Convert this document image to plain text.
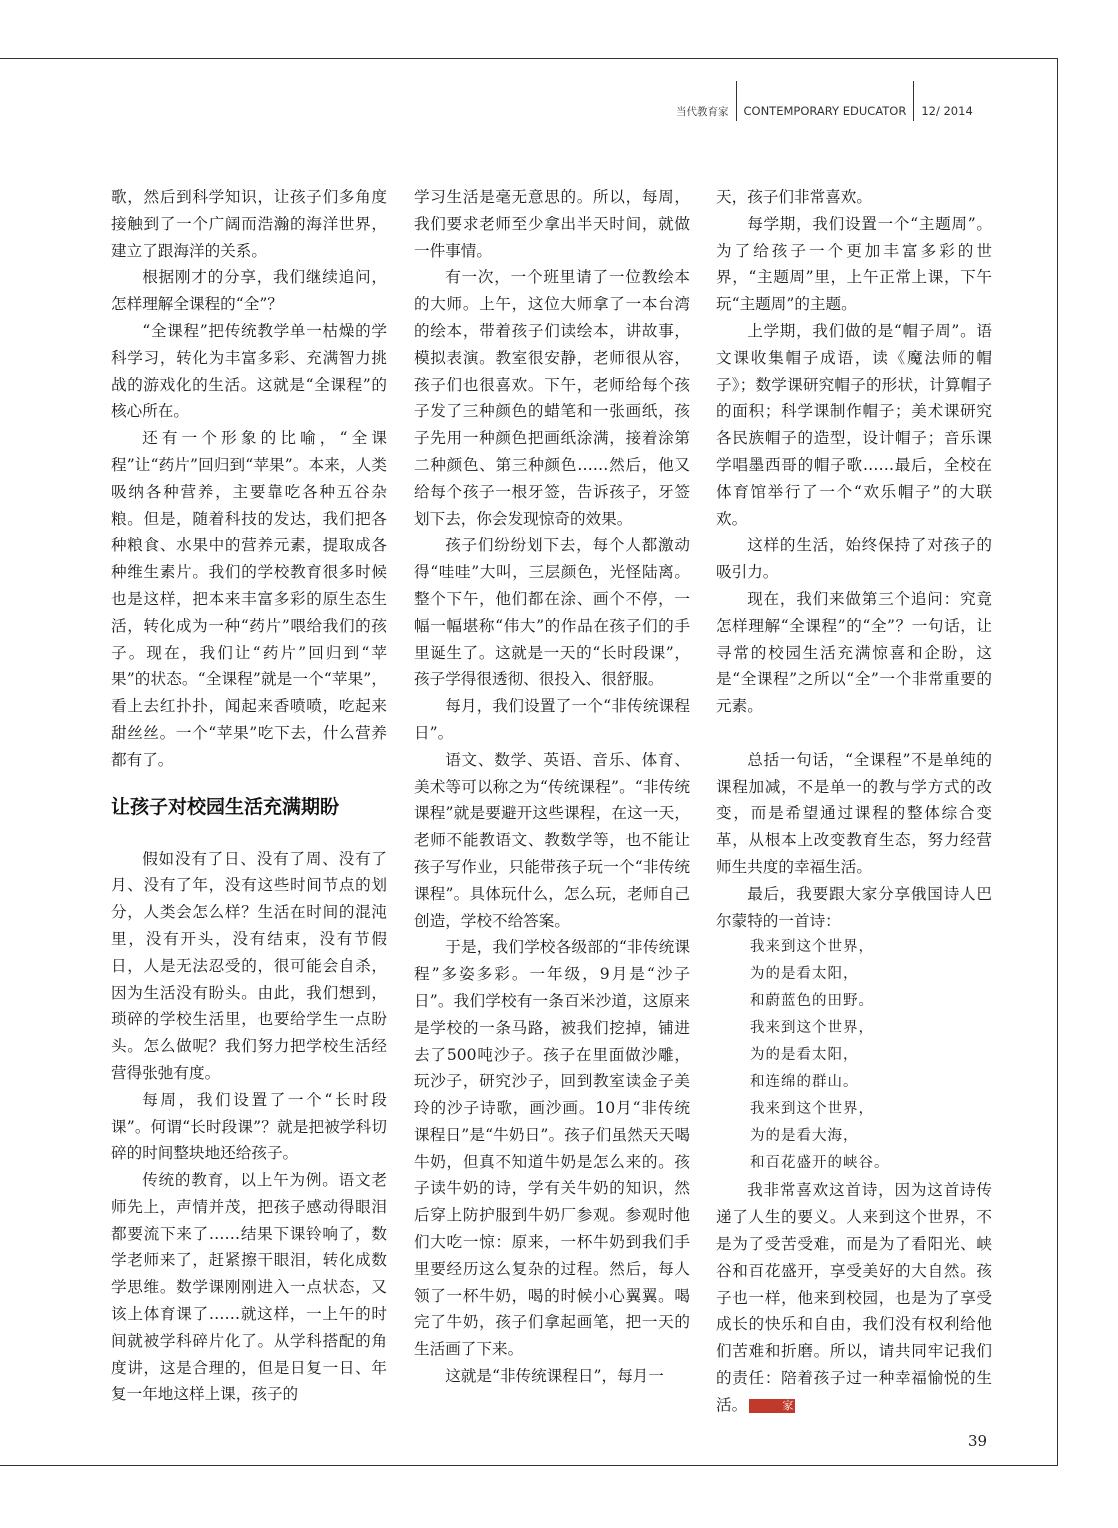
当代教育家 CONTEMPORARY EDUCATOR 12/ 2014

歌，然后到科学知识，让孩子们多角度接触到了一个广阔而浩瀚的海洋世界，建立了跟海洋的关系。

根据刚才的分享，我们继续追问，怎样理解全课程的“全”？

“全课程”把传统教学单一枯燥的学科学习，转化为丰富多彩、充满智力挑战的游戏化的生活。这就是“全课程”的核心所在。

还有一个形象的比喻，“全课程”让“药片”回归到“苹果”。本来，人类吸纳各种营养，主要靠吃各种五谷杂粮。但是，随着科技的发达，我们把各种粮食、水果中的营养元素，提取成各种维生素片。我们的学校教育很多时候也是这样，把本来丰富多彩的原生态生活，转化成为一种“药片”喂给我们的孩子。现在，我们让“药片”回归到“苹果”的状态。“全课程”就是一个“苹果”，看上去红扑扑，闻起来香喷喷，吃起来甜丝丝。一个“苹果”吃下去，什么营养都有了。

让孩子对校园生活充满期盼

假如没有了日、没有了周、没有了月、没有了年，没有这些时间节点的划分，人类会怎么样？生活在时间的混沌里，没有开头，没有结束，没有节假日，人是无法忍受的，很可能会自杀，因为生活没有盼头。由此，我们想到，琐碎的学校生活里，也要给学生一点盼头。怎么做呢？我们努力把学校生活经营得张弛有度。

每周，我们设置了一个“长时段课”。何谓“长时段课”？就是把被学科切碎的时间整块地还给孩子。

传统的教育，以上午为例。语文老师先上，声情并茂，把孩子感动得眼泪都要流下来了……结果下课铃响了，数学老师来了，赶紧擦干眼泪，转化成数学思维。数学课刚刚进入一点状态，又该上体育课了……就这样，一上午的时间就被学科碎片化了。从学科搭配的角度讲，这是合理的，但是日复一日、年复一年地这样上课，孩子的

学习生活是毫无意思的。所以，每周，我们要求老师至少拿出半天时间，就做一件事情。

有一次，一个班里请了一位教绘本的大师。上午，这位大师拿了一本台湾的绘本，带着孩子们读绘本，讲故事，模拟表演。教室很安静，老师很从容，孩子们也很喜欢。下午，老师给每个孩子发了三种颜色的蜡笔和一张画纸，孩子先用一种颜色把画纸涂满，接着涂第二种颜色、第三种颜色……然后，他又给每个孩子一根牙签，告诉孩子，牙签划下去，你会发现惊奇的效果。

孩子们纷纷划下去，每个人都激动得“哇哇”大叫，三层颜色，光怪陆离。整个下午，他们都在涂、画个不停，一幅一幅堪称“伟大”的作品在孩子们的手里诞生了。这就是一天的“长时段课”，孩子学得很透彻、很投入、很舒服。

每月，我们设置了一个“非传统课程日”。

语文、数学、英语、音乐、体育、美术等可以称之为“传统课程”。“非传统课程”就是要避开这些课程，在这一天，老师不能教语文、教数学等，也不能让孩子写作业，只能带孩子玩一个“非传统课程”。具体玩什么，怎么玩，老师自己创造，学校不给答案。

于是，我们学校各级部的“非传统课程”多姿多彩。一年级，9月是“沙子日”。我们学校有一条百米沙道，这原来是学校的一条马路，被我们挖掉，铺进去了500吨沙子。孩子在里面做沙雕，玩沙子，研究沙子，回到教室读金子美玲的沙子诗歌，画沙画。10月“非传统课程日”是“牛奶日”。孩子们虽然天天喝牛奶，但真不知道牛奶是怎么来的。孩子读牛奶的诗，学有关牛奶的知识，然后穿上防护服到牛奶厂参观。参观时他们大吃一惊：原来，一杯牛奶到我们手里要经历这么复杂的过程。然后，每人领了一杯牛奶，喝的时候小心翼翼。喝完了牛奶，孩子们拿起画笔，把一天的生活画了下来。

这就是“非传统课程日”，每月一

天，孩子们非常喜欢。

每学期，我们设置一个“主题周”。为了给孩子一个更加丰富多彩的世界，“主题周”里，上午正常上课，下午玩“主题周”的主题。

上学期，我们做的是“帽子周”。语文课收集帽子成语，读《魔法师的帽子》；数学课研究帽子的形状，计算帽子的面积；科学课制作帽子；美术课研究各民族帽子的造型，设计帽子；音乐课学唱墨西哥的帽子歌……最后，全校在体育馆举行了一个“欢乐帽子”的大联欢。

这样的生活，始终保持了对孩子的吸引力。

现在，我们来做第三个追问：究竟怎样理解“全课程”的“全”？一句话，让寻常的校园生活充满惊喜和企盼，这是“全课程”之所以“全”一个非常重要的元素。

总括一句话，“全课程”不是单纯的课程加减，不是单一的教与学方式的改变，而是希望通过课程的整体综合变革，从根本上改变教育生态，努力经营师生共度的幸福生活。

最后，我要跟大家分享俄国诗人巴尔蒙特的一首诗：

我来到这个世界，
为的是看太阳，
和蔚蓝色的田野。
我来到这个世界，
为的是看太阳，
和连绵的群山。
我来到这个世界，
为的是看大海，
和百花盛开的峡谷。

我非常喜欢这首诗，因为这首诗传递了人生的要义。人来到这个世界，不是为了受苦受难，而是为了看阳光、峡谷和百花盛开，享受美好的大自然。孩子也一样，他来到校园，也是为了享受成长的快乐和自由，我们没有权利给他们苦难和折磨。所以，请共同牢记我们的责任：陪着孩子过一种幸福愉悦的生活。	家

39
